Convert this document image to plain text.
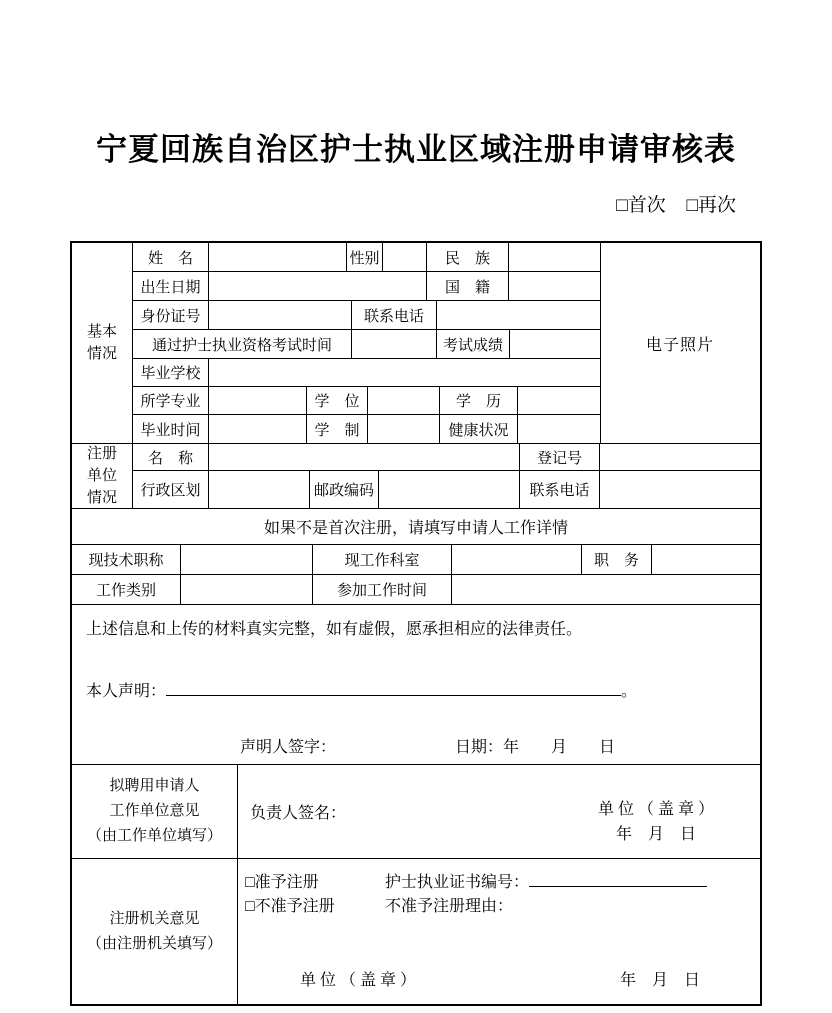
宁夏回族自治区护士执业区域注册申请审核表
□首次 □再次
基本
情况
姓　名	性别	民　族
出生日期	国　籍
身份证号	联系电话
通过护士执业资格考试时间	考试成绩
毕业学校
所学专业	学　位	学　历
毕业时间	学　制	健康状况
电子照片
注册
单位
情况
名　称	登记号
行政区划	邮政编码	联系电话
如果不是首次注册，请填写申请人工作详情
现技术职称	现工作科室	职　务
工作类别	参加工作时间

上述信息和上传的材料真实完整，如有虚假，愿承担相应的法律责任。

本人声明：	。

声明人签字：	日期：年　　月　　日

拟聘用申请人
工作单位意见
（由工作单位填写）
负责人签名：	单 位 （ 盖 章 ）
年　月　日
注册机关意见
（由注册机关填写）
□准予注册	护士执业证书编号：
□不准予注册	不准予注册理由：
单 位 （ 盖 章 ）	年　月　日
